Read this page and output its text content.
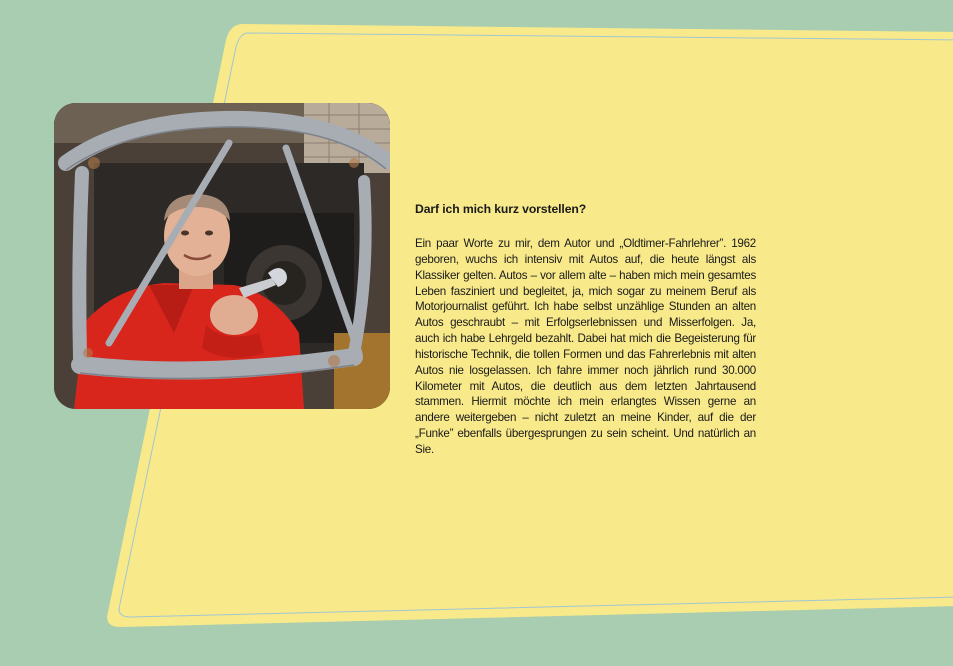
Darf ich mich kurz vorstellen?

Ein paar Worte zu mir, dem Autor und „Oldtimer-Fahrlehrer”. 1962 geboren, wuchs ich intensiv mit Autos auf, die heute längst als Klassiker gelten. Autos – vor allem alte – haben mich mein gesamtes Leben fasziniert und begleitet, ja, mich sogar zu meinem Beruf als Motorjournalist geführt. Ich habe selbst unzählige Stunden an alten Autos geschraubt – mit Erfolgserlebnissen und Misserfolgen. Ja, auch ich habe Lehrgeld bezahlt. Dabei hat mich die Begeisterung für historische Technik, die tollen Formen und das Fahrerlebnis mit alten Autos nie losgelassen. Ich fahre immer noch jährlich rund 30.000 Kilometer mit Autos, die deutlich aus dem letzten Jahrtausend stammen. Hiermit möchte ich mein erlangtes Wissen gerne an andere weitergeben – nicht zuletzt an meine Kinder, auf die der „Funke” ebenfalls übergesprungen zu sein scheint. Und natürlich an Sie.
